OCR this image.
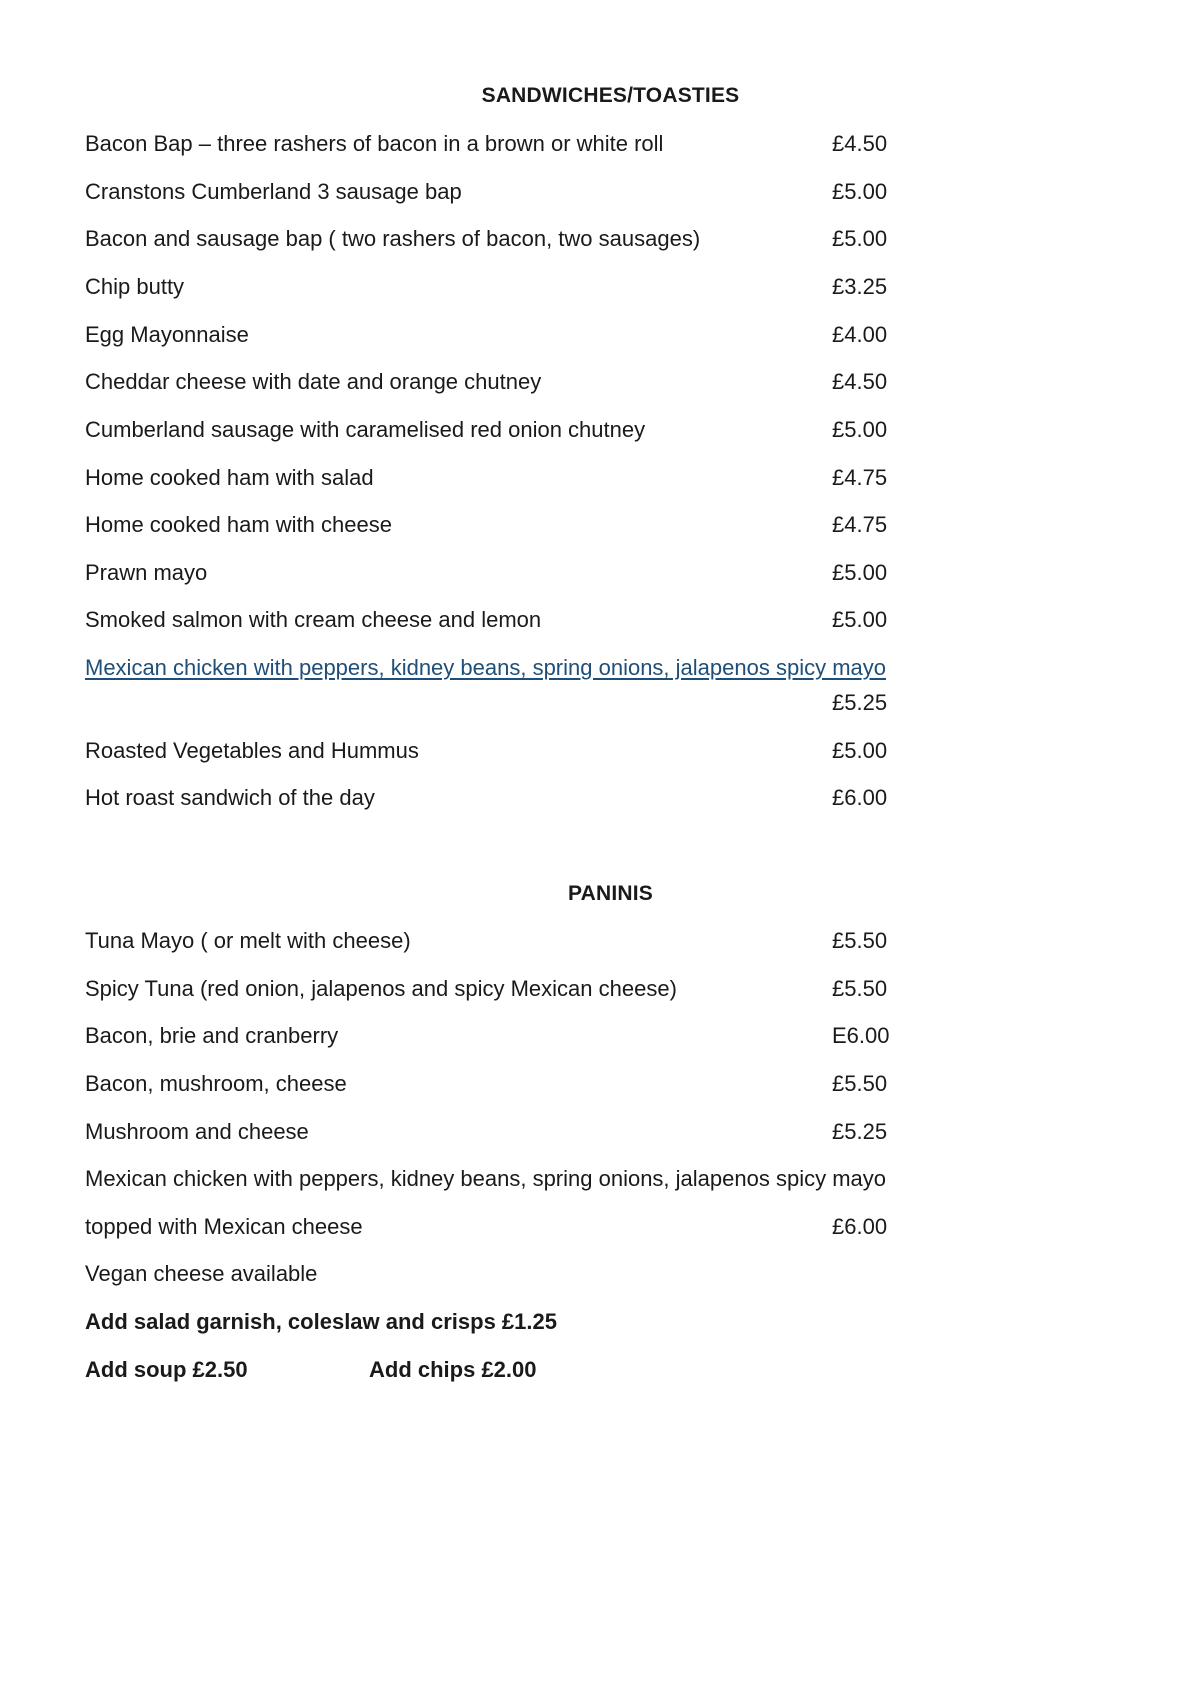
SANDWICHES/TOASTIES
Bacon Bap – three rashers of bacon in a brown or white roll	£4.50
Cranstons Cumberland 3 sausage bap	£5.00
Bacon and sausage bap ( two rashers of bacon, two sausages)	£5.00
Chip butty	£3.25
Egg Mayonnaise	£4.00
Cheddar cheese with date and orange chutney	£4.50
Cumberland sausage with caramelised red onion chutney	£5.00
Home cooked ham with salad	£4.75
Home cooked ham with cheese	£4.75
Prawn mayo	£5.00
Smoked salmon with cream cheese and lemon	£5.00
Mexican chicken with peppers, kidney beans, spring onions, jalapenos spicy mayo
£5.25
Roasted Vegetables and Hummus	£5.00
Hot roast sandwich of the day	£6.00
PANINIS
Tuna Mayo ( or melt with cheese)	£5.50
Spicy Tuna (red onion, jalapenos and spicy Mexican cheese)	£5.50
Bacon, brie and cranberry	E6.00
Bacon, mushroom, cheese	£5.50
Mushroom and cheese	£5.25
Mexican chicken with peppers, kidney beans, spring onions, jalapenos spicy mayo
topped with Mexican cheese	£6.00
Vegan cheese available
Add salad garnish, coleslaw and crisps £1.25
Add soup £2.50	Add chips £2.00
